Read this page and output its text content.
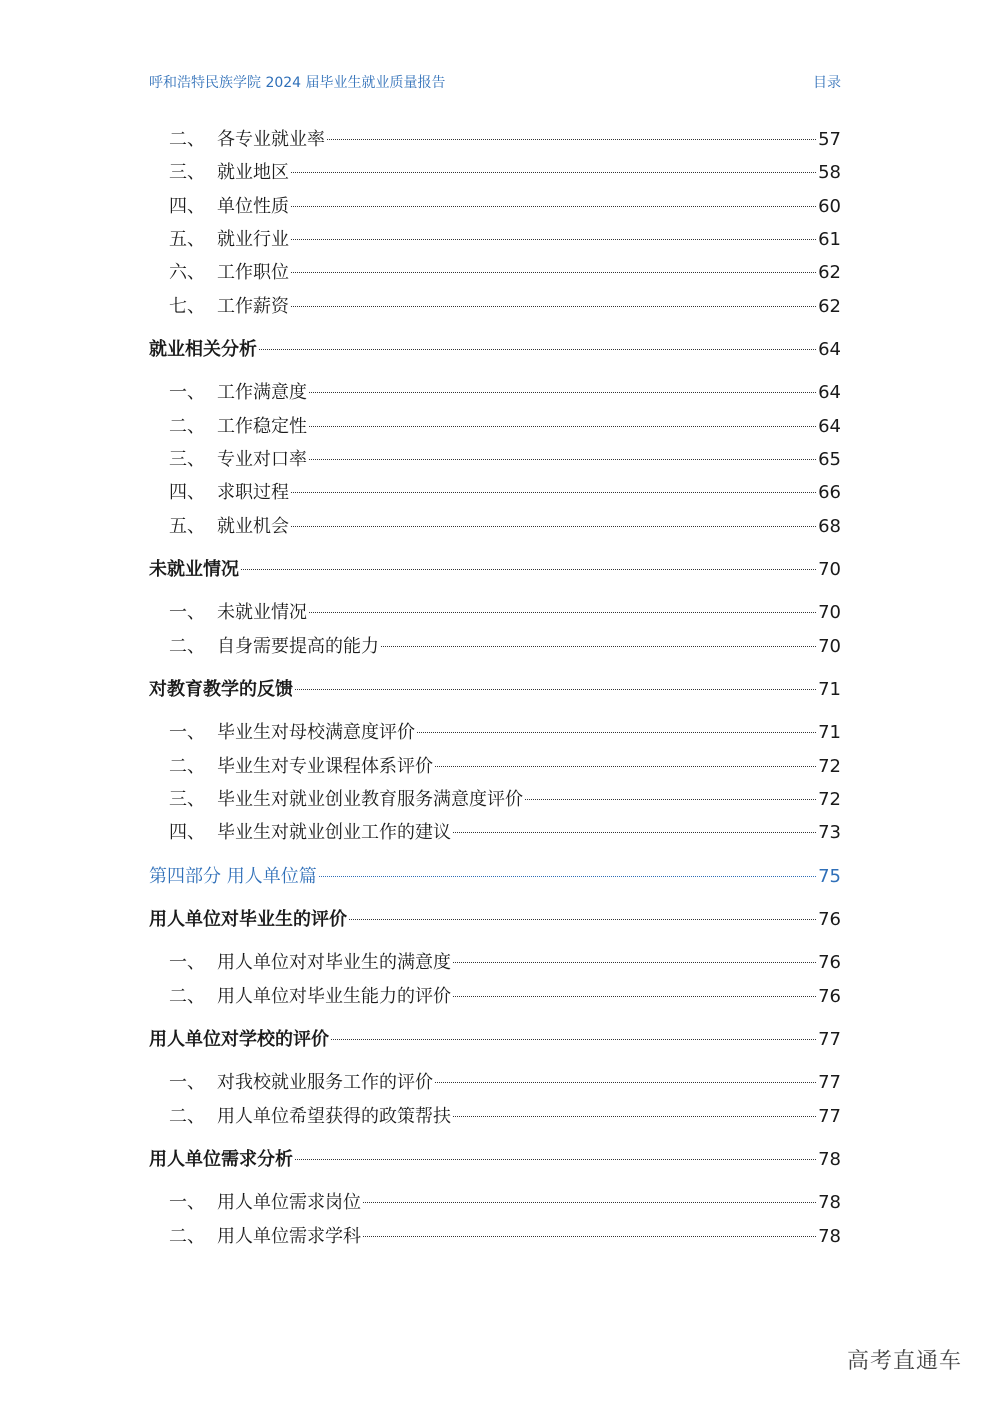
呼和浩特民族学院 2024 届毕业生就业质量报告	目录
二、 各专业就业率	57
三、 就业地区	58
四、 单位性质	60
五、 就业行业	61
六、 工作职位	62
七、 工作薪资	62
就业相关分析	64
一、 工作满意度	64
二、 工作稳定性	64
三、 专业对口率	65
四、 求职过程	66
五、 就业机会	68
未就业情况	70
一、 未就业情况	70
二、 自身需要提高的能力	70
对教育教学的反馈	71
一、 毕业生对母校满意度评价	71
二、 毕业生对专业课程体系评价	72
三、 毕业生对就业创业教育服务满意度评价	72
四、 毕业生对就业创业工作的建议	73
第四部分 用人单位篇	75
用人单位对毕业生的评价	76
一、 用人单位对对毕业生的满意度	76
二、 用人单位对毕业生能力的评价	76
用人单位对学校的评价	77
一、 对我校就业服务工作的评价	77
二、 用人单位希望获得的政策帮扶	77
用人单位需求分析	78
一、 用人单位需求岗位	78
二、 用人单位需求学科	78
高考直通车
